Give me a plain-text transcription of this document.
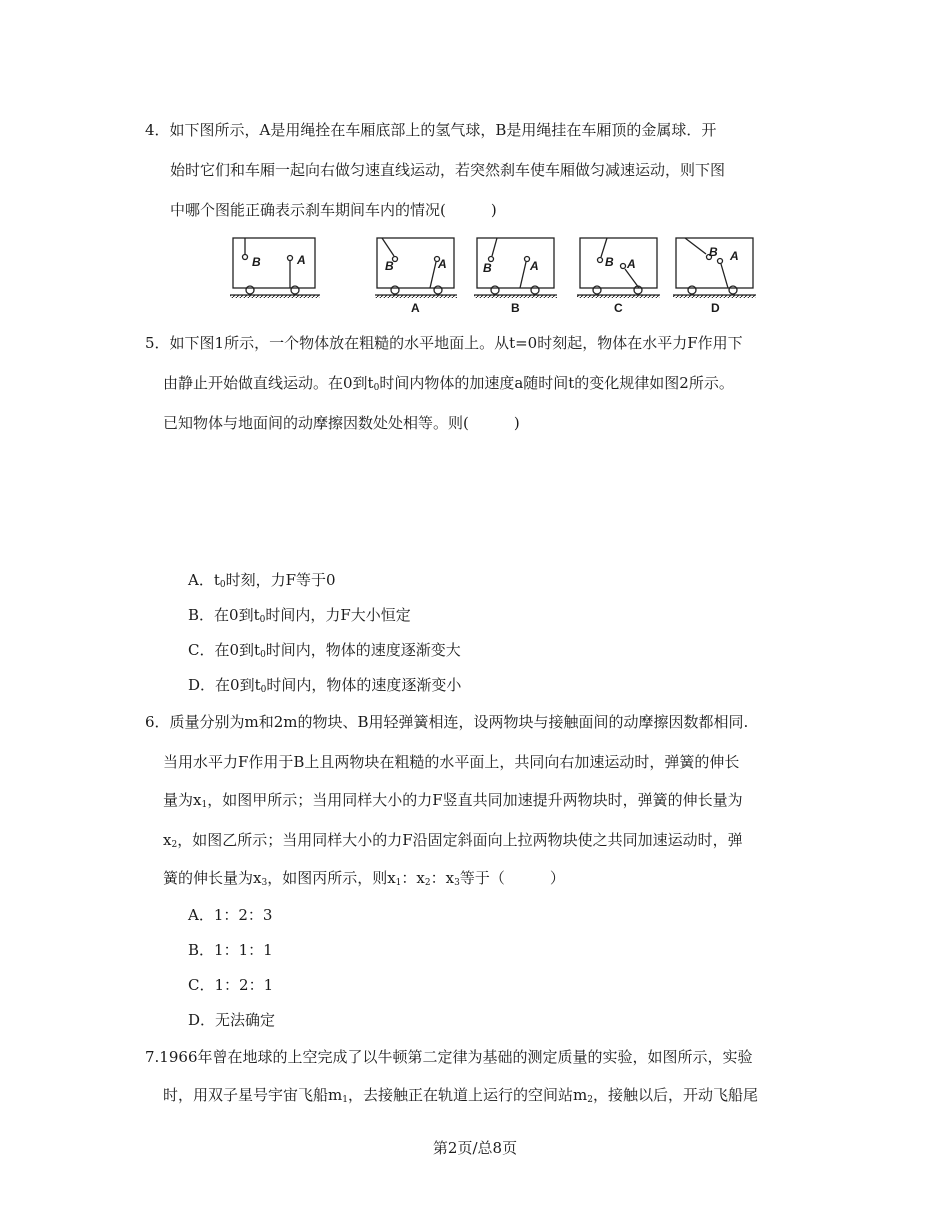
4．如下图所示，A是用绳拴在车厢底部上的氢气球，B是用绳挂在车厢顶的金属球．开
始时它们和车厢一起向右做匀速直线运动，若突然刹车使车厢做匀减速运动，则下图
中哪个图能正确表示刹车期间车内的情况(　　　)
B	A	B	A	B	A	B A
B A
A	B	C	D
5．如下图1所示，一个物体放在粗糙的水平地面上。从t=0时刻起，物体在水平力F作用下
由静止开始做直线运动。在0到$t_0$时间内物体的加速度a随时间t的变化规律如图2所示。
已知物体与地面间的动摩擦因数处处相等。则(　　　)
A．$t_0$时刻，力F等于0
B．在0到$t_0$时间内，力F大小恒定
C．在0到$t_0$时间内，物体的速度逐渐变大
D．在0到$t_0$时间内，物体的速度逐渐变小
6．质量分别为m和2m的物块、B用轻弹簧相连，设两物块与接触面间的动摩擦因数都相同.
当用水平力F作用于B上且两物块在粗糙的水平面上，共同向右加速运动时，弹簧的伸长
量为$x_1$，如图甲所示；当用同样大小的力F竖直共同加速提升两物块时，弹簧的伸长量为
$x_2$，如图乙所示；当用同样大小的力F沿固定斜面向上拉两物块使之共同加速运动时，弹
簧的伸长量为$x_3$，如图丙所示，则$x_1$：$x_2$：$x_3$等于（　　　）
A．1：2：3
B．1：1：1
C．1：2：1
D．无法确定
7.1966年曾在地球的上空完成了以牛顿第二定律为基础的测定质量的实验，如图所示，实验
时，用双子星号宇宙飞船$m_1$，去接触正在轨道上运行的空间站$m_2$，接触以后，开动飞船尾
第2页/总8页
